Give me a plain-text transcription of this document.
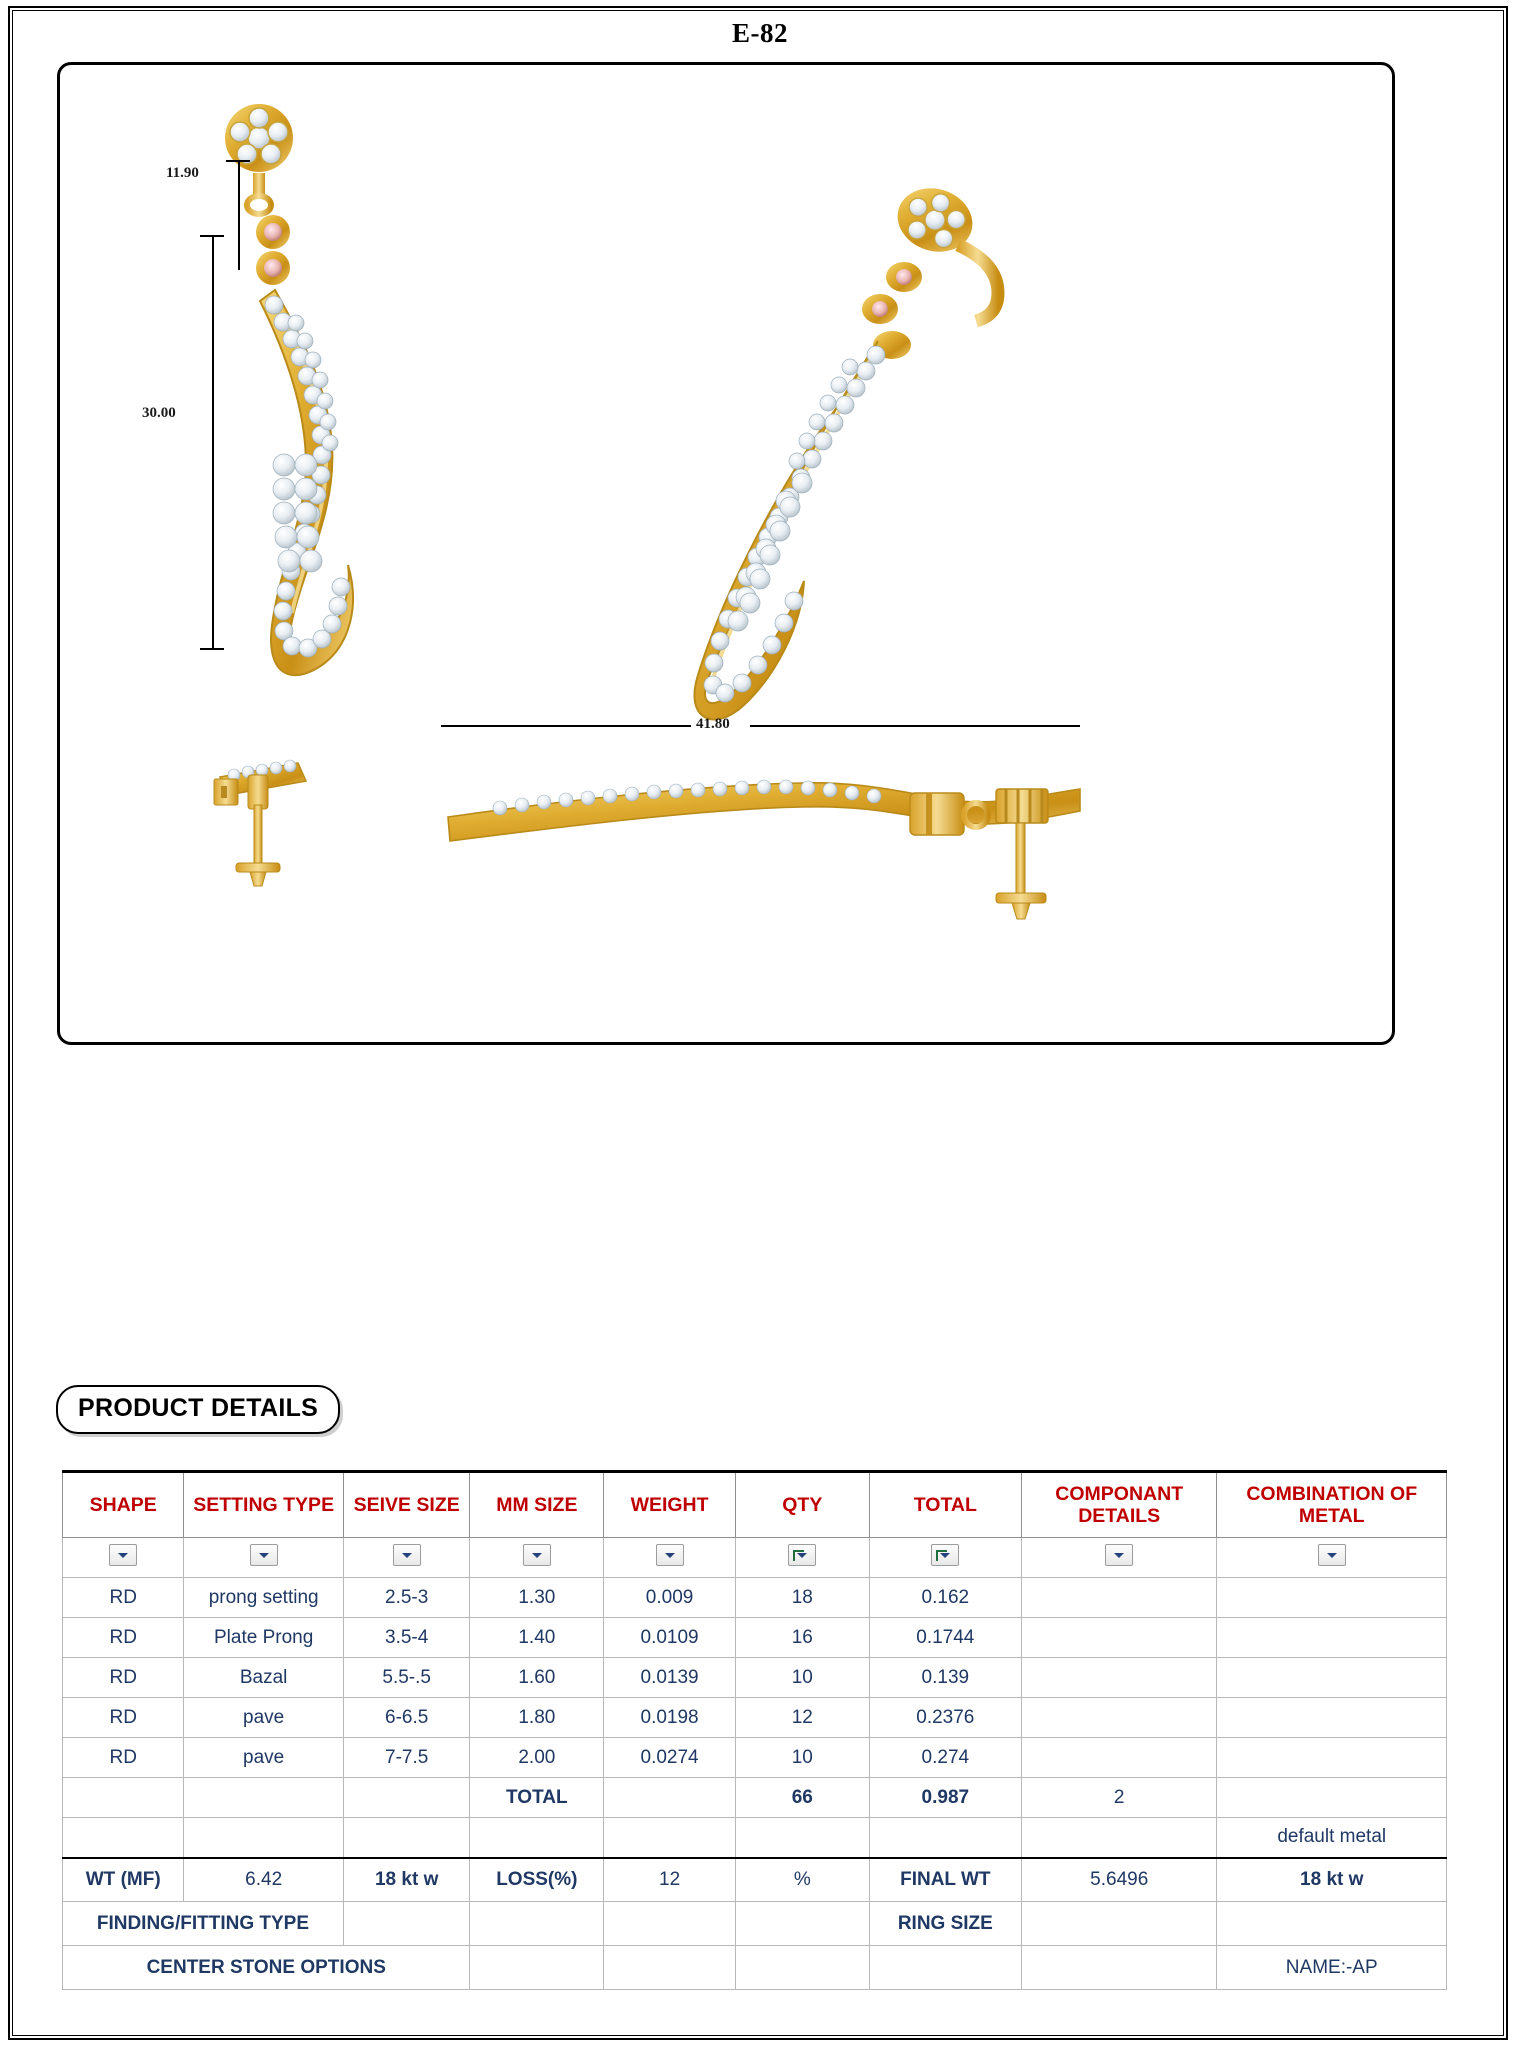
E-82
11.90
30.00
41.80
PRODUCT DETAILS
SHAPE	SETTING TYPE	SEIVE SIZE	MM SIZE	WEIGHT	QTY	TOTAL	COMPONANT DETAILS	COMBINATION OF METAL

RD	prong setting	2.5-3	1.30	0.009	18	0.162		
RD	Plate Prong	3.5-4	1.40	0.0109	16	0.1744		
RD	Bazal	5.5-.5	1.60	0.0139	10	0.139		
RD	pave	6-6.5	1.80	0.0198	12	0.2376		
RD	pave	7-7.5	2.00	0.0274	10	0.274		
			TOTAL		66	0.987	2	
								default metal
WT (MF)	6.42	18 kt w	LOSS(%)	12	%	FINAL WT	5.6496	18 kt w
FINDING/FITTING TYPE						RING SIZE		
CENTER STONE OPTIONS								NAME:-AP
